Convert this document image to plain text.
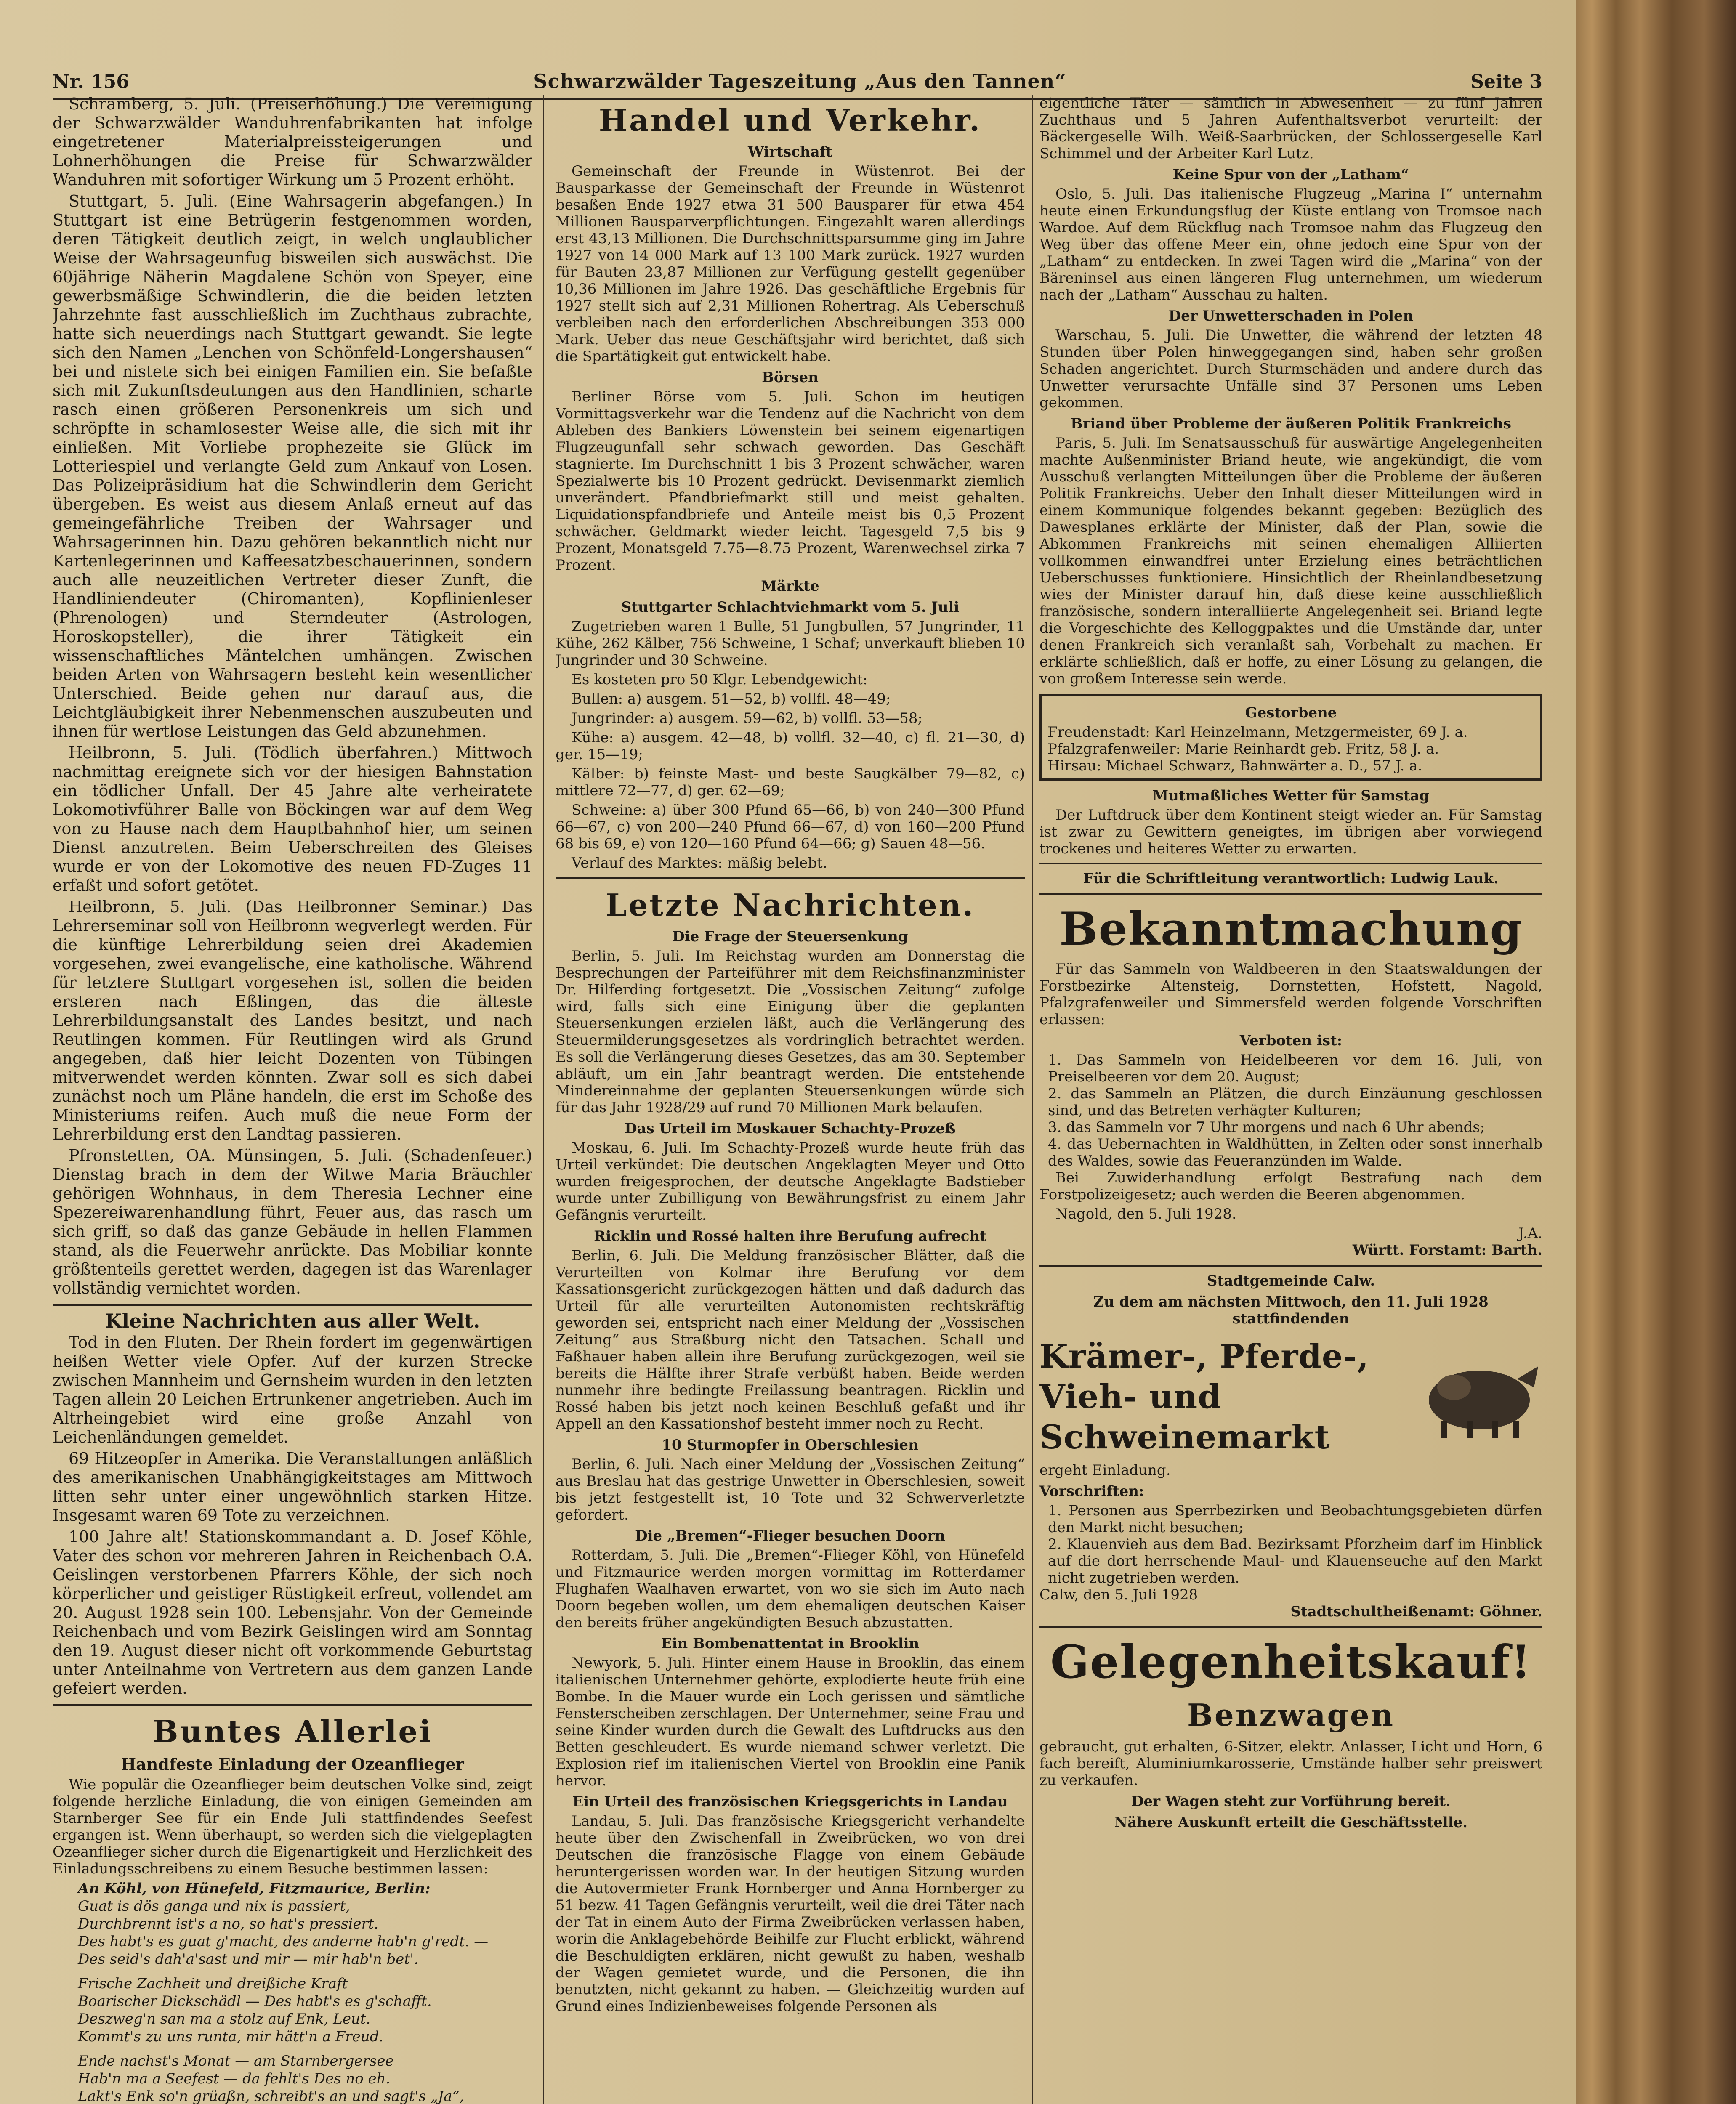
Nr. 156	Schwarzwälder Tageszeitung „Aus den Tannen“	Seite 3

Schramberg, 5. Juli. (Preiserhöhung.) Die Vereinigung der Schwarzwälder Wanduhrenfabrikanten hat infolge eingetretener Materialpreissteigerungen und Lohnerhöhungen die Preise für Schwarzwälder Wanduhren mit sofortiger Wirkung um 5 Prozent erhöht.

Stuttgart, 5. Juli. (Eine Wahrsagerin abgefangen.) In Stuttgart ist eine Betrügerin festgenommen worden, deren Tätigkeit deutlich zeigt, in welch unglaublicher Weise der Wahrsageunfug bisweilen sich auswächst. Die 60jährige Näherin Magdalene Schön von Speyer, eine gewerbsmäßige Schwindlerin, die die beiden letzten Jahrzehnte fast ausschließlich im Zuchthaus zubrachte, hatte sich neuerdings nach Stuttgart gewandt. Sie legte sich den Namen „Lenchen von Schönfeld-Longershausen“ bei und nistete sich bei einigen Familien ein. Sie befaßte sich mit Zukunftsdeutungen aus den Handlinien, scharte rasch einen größeren Personenkreis um sich und schröpfte in schamlosester Weise alle, die sich mit ihr einließen. Mit Vorliebe prophezeite sie Glück im Lotteriespiel und verlangte Geld zum Ankauf von Losen. Das Polizeipräsidium hat die Schwindlerin dem Gericht übergeben. Es weist aus diesem Anlaß erneut auf das gemeingefährliche Treiben der Wahrsager und Wahrsagerinnen hin. Dazu gehören bekanntlich nicht nur Kartenlegerinnen und Kaffeesatzbeschauerinnen, sondern auch alle neuzeitlichen Vertreter dieser Zunft, die Handliniendeuter (Chiromanten), Kopflinienleser (Phrenologen) und Sterndeuter (Astrologen, Horoskopsteller), die ihrer Tätigkeit ein wissenschaftliches Mäntelchen umhängen. Zwischen beiden Arten von Wahrsagern besteht kein wesentlicher Unterschied. Beide gehen nur darauf aus, die Leichtgläubigkeit ihrer Nebenmenschen auszubeuten und ihnen für wertlose Leistungen das Geld abzunehmen.

Heilbronn, 5. Juli. (Tödlich überfahren.) Mittwoch nachmittag ereignete sich vor der hiesigen Bahnstation ein tödlicher Unfall. Der 45 Jahre alte verheiratete Lokomotivführer Balle von Böckingen war auf dem Weg von zu Hause nach dem Hauptbahnhof hier, um seinen Dienst anzutreten. Beim Ueberschreiten des Gleises wurde er von der Lokomotive des neuen FD-Zuges 11 erfaßt und sofort getötet.

Heilbronn, 5. Juli. (Das Heilbronner Seminar.) Das Lehrerseminar soll von Heilbronn wegverlegt werden. Für die künftige Lehrerbildung seien drei Akademien vorgesehen, zwei evangelische, eine katholische. Während für letztere Stuttgart vorgesehen ist, sollen die beiden ersteren nach Eßlingen, das die älteste Lehrerbildungsanstalt des Landes besitzt, und nach Reutlingen kommen. Für Reutlingen wird als Grund angegeben, daß hier leicht Dozenten von Tübingen mitverwendet werden könnten. Zwar soll es sich dabei zunächst noch um Pläne handeln, die erst im Schoße des Ministeriums reifen. Auch muß die neue Form der Lehrerbildung erst den Landtag passieren.

Pfronstetten, OA. Münsingen, 5. Juli. (Schadenfeuer.) Dienstag brach in dem der Witwe Maria Bräuchler gehörigen Wohnhaus, in dem Theresia Lechner eine Spezereiwarenhandlung führt, Feuer aus, das rasch um sich griff, so daß das ganze Gebäude in hellen Flammen stand, als die Feuerwehr anrückte. Das Mobiliar konnte größtenteils gerettet werden, dagegen ist das Warenlager vollständig vernichtet worden.

Kleine Nachrichten aus aller Welt.

Tod in den Fluten. Der Rhein fordert im gegenwärtigen heißen Wetter viele Opfer. Auf der kurzen Strecke zwischen Mannheim und Gernsheim wurden in den letzten Tagen allein 20 Leichen Ertrunkener angetrieben. Auch im Altrheingebiet wird eine große Anzahl von Leichenländungen gemeldet.

69 Hitzeopfer in Amerika. Die Veranstaltungen anläßlich des amerikanischen Unabhängigkeitstages am Mittwoch litten sehr unter einer ungewöhnlich starken Hitze. Insgesamt waren 69 Tote zu verzeichnen.

100 Jahre alt! Stationskommandant a. D. Josef Köhle, Vater des schon vor mehreren Jahren in Reichenbach O.A. Geislingen verstorbenen Pfarrers Köhle, der sich noch körperlicher und geistiger Rüstigkeit erfreut, vollendet am 20. August 1928 sein 100. Lebensjahr. Von der Gemeinde Reichenbach und vom Bezirk Geislingen wird am Sonntag den 19. August dieser nicht oft vorkommende Geburtstag unter Anteilnahme von Vertretern aus dem ganzen Lande gefeiert werden.

Buntes Allerlei
Handfeste Einladung der Ozeanflieger

Wie populär die Ozeanflieger beim deutschen Volke sind, zeigt folgende herzliche Einladung, die von einigen Gemeinden am Starnberger See für ein Ende Juli stattfindendes Seefest ergangen ist. Wenn überhaupt, so werden sich die vielgeplagten Ozeanflieger sicher durch die Eigenartigkeit und Herzlichkeit des Einladungsschreibens zu einem Besuche bestimmen lassen:

An Köhl, von Hünefeld, Fitzmaurice, Berlin:
Guat is dös ganga und nix is passiert,
Durchbrennt ist's a no, so hat's pressiert.
Des habt's es guat g'macht, des anderne hab'n g'redt. —
Des seid's dah'a'sast und mir — mir hab'n bet'.
Frische Zachheit und dreißiche Kraft
Boarischer Dickschädl — Des habt's es g'schafft.
Deszweg'n san ma a stolz auf Enk, Leut.
Kommt's zu uns runta, mir hätt'n a Freud.
Ende nachst's Monat — am Starnbergersee
Hab'n ma a Seefest — da fehlt's Des no eh.
Lakt's Enk so'n grüaßn, schreibt's an und sagt's „Ja“,
Handel und Verkehr.
Wirtschaft

Gemeinschaft der Freunde in Wüstenrot. Bei der Bausparkasse der Gemeinschaft der Freunde in Wüstenrot besaßen Ende 1927 etwa 31 500 Bausparer für etwa 454 Millionen Bausparverpflichtungen. Eingezahlt waren allerdings erst 43,13 Millionen. Die Durchschnittsparsumme ging im Jahre 1927 von 14 000 Mark auf 13 100 Mark zurück. 1927 wurden für Bauten 23,87 Millionen zur Verfügung gestellt gegenüber 10,36 Millionen im Jahre 1926. Das geschäftliche Ergebnis für 1927 stellt sich auf 2,31 Millionen Rohertrag. Als Ueberschuß verbleiben nach den erforderlichen Abschreibungen 353 000 Mark. Ueber das neue Geschäftsjahr wird berichtet, daß sich die Spartätigkeit gut entwickelt habe.

Börsen

Berliner Börse vom 5. Juli. Schon im heutigen Vormittagsverkehr war die Tendenz auf die Nachricht von dem Ableben des Bankiers Löwenstein bei seinem eigenartigen Flugzeugunfall sehr schwach geworden. Das Geschäft stagnierte. Im Durchschnitt 1 bis 3 Prozent schwächer, waren Spezialwerte bis 10 Prozent gedrückt. Devisenmarkt ziemlich unverändert. Pfandbriefmarkt still und meist gehalten. Liquidationspfandbriefe und Anteile meist bis 0,5 Prozent schwächer. Geldmarkt wieder leicht. Tagesgeld 7,5 bis 9 Prozent, Monatsgeld 7.75—8.75 Prozent, Warenwechsel zirka 7 Prozent.

Märkte
Stuttgarter Schlachtviehmarkt vom 5. Juli

Zugetrieben waren 1 Bulle, 51 Jungbullen, 57 Jungrinder, 11 Kühe, 262 Kälber, 756 Schweine, 1 Schaf; unverkauft blieben 10 Jungrinder und 30 Schweine.

Es kosteten pro 50 Klgr. Lebendgewicht:

Bullen: a) ausgem. 51—52, b) vollfl. 48—49;

Jungrinder: a) ausgem. 59—62, b) vollfl. 53—58;

Kühe: a) ausgem. 42—48, b) vollfl. 32—40, c) fl. 21—30, d) ger. 15—19;

Kälber: b) feinste Mast- und beste Saugkälber 79—82, c) mittlere 72—77, d) ger. 62—69;

Schweine: a) über 300 Pfund 65—66, b) von 240—300 Pfund 66—67, c) von 200—240 Pfund 66—67, d) von 160—200 Pfund 68 bis 69, e) von 120—160 Pfund 64—66; g) Sauen 48—56.

Verlauf des Marktes: mäßig belebt.

Letzte Nachrichten.
Die Frage der Steuersenkung

Berlin, 5. Juli. Im Reichstag wurden am Donnerstag die Besprechungen der Parteiführer mit dem Reichsfinanzminister Dr. Hilferding fortgesetzt. Die „Vossischen Zeitung“ zufolge wird, falls sich eine Einigung über die geplanten Steuersenkungen erzielen läßt, auch die Verlängerung des Steuermilderungsgesetzes als vordringlich betrachtet werden. Es soll die Verlängerung dieses Gesetzes, das am 30. September abläuft, um ein Jahr beantragt werden. Die entstehende Mindereinnahme der geplanten Steuersenkungen würde sich für das Jahr 1928/29 auf rund 70 Millionen Mark belaufen.

Das Urteil im Moskauer Schachty-Prozeß

Moskau, 6. Juli. Im Schachty-Prozeß wurde heute früh das Urteil verkündet: Die deutschen Angeklagten Meyer und Otto wurden freigesprochen, der deutsche Angeklagte Badstieber wurde unter Zubilligung von Bewährungsfrist zu einem Jahr Gefängnis verurteilt.

Ricklin und Rossé halten ihre Berufung aufrecht

Berlin, 6. Juli. Die Meldung französischer Blätter, daß die Verurteilten von Kolmar ihre Berufung vor dem Kassationsgericht zurückgezogen hätten und daß dadurch das Urteil für alle verurteilten Autonomisten rechtskräftig geworden sei, entspricht nach einer Meldung der „Vossischen Zeitung“ aus Straßburg nicht den Tatsachen. Schall und Faßhauer haben allein ihre Berufung zurückgezogen, weil sie bereits die Hälfte ihrer Strafe verbüßt haben. Beide werden nunmehr ihre bedingte Freilassung beantragen. Ricklin und Rossé haben bis jetzt noch keinen Beschluß gefaßt und ihr Appell an den Kassationshof besteht immer noch zu Recht.

10 Sturmopfer in Oberschlesien

Berlin, 6. Juli. Nach einer Meldung der „Vossischen Zeitung“ aus Breslau hat das gestrige Unwetter in Oberschlesien, soweit bis jetzt festgestellt ist, 10 Tote und 32 Schwerverletzte gefordert.

Die „Bremen“-Flieger besuchen Doorn

Rotterdam, 5. Juli. Die „Bremen“-Flieger Köhl, von Hünefeld und Fitzmaurice werden morgen vormittag im Rotterdamer Flughafen Waalhaven erwartet, von wo sie sich im Auto nach Doorn begeben wollen, um dem ehemaligen deutschen Kaiser den bereits früher angekündigten Besuch abzustatten.

Ein Bombenattentat in Brooklin

Newyork, 5. Juli. Hinter einem Hause in Brooklin, das einem italienischen Unternehmer gehörte, explodierte heute früh eine Bombe. In die Mauer wurde ein Loch gerissen und sämtliche Fensterscheiben zerschlagen. Der Unternehmer, seine Frau und seine Kinder wurden durch die Gewalt des Luftdrucks aus den Betten geschleudert. Es wurde niemand schwer verletzt. Die Explosion rief im italienischen Viertel von Brooklin eine Panik hervor.

Ein Urteil des französischen Kriegsgerichts in Landau

Landau, 5. Juli. Das französische Kriegsgericht verhandelte heute über den Zwischenfall in Zweibrücken, wo von drei Deutschen die französische Flagge von einem Gebäude heruntergerissen worden war. In der heutigen Sitzung wurden die Autovermieter Frank Hornberger und Anna Hornberger zu 51 bezw. 41 Tagen Gefängnis verurteilt, weil die drei Täter nach der Tat in einem Auto der Firma Zweibrücken verlassen haben, worin die Anklagebehörde Beihilfe zur Flucht erblickt, während die Beschuldigten erklären, nicht gewußt zu haben, weshalb der Wagen gemietet wurde, und die Personen, die ihn benutzten, nicht gekannt zu haben. — Gleichzeitig wurden auf Grund eines Indizienbeweises folgende Personen als

eigentliche Täter — sämtlich in Abwesenheit — zu fünf Jahren Zuchthaus und 5 Jahren Aufenthaltsverbot verurteilt: der Bäckergeselle Wilh. Weiß-Saarbrücken, der Schlossergeselle Karl Schimmel und der Arbeiter Karl Lutz.

Keine Spur von der „Latham“

Oslo, 5. Juli. Das italienische Flugzeug „Marina I“ unternahm heute einen Erkundungsflug der Küste entlang von Tromsoe nach Wardoe. Auf dem Rückflug nach Tromsoe nahm das Flugzeug den Weg über das offene Meer ein, ohne jedoch eine Spur von der „Latham“ zu entdecken. In zwei Tagen wird die „Marina“ von der Bäreninsel aus einen längeren Flug unternehmen, um wiederum nach der „Latham“ Ausschau zu halten.

Der Unwetterschaden in Polen

Warschau, 5. Juli. Die Unwetter, die während der letzten 48 Stunden über Polen hinweggegangen sind, haben sehr großen Schaden angerichtet. Durch Sturmschäden und andere durch das Unwetter verursachte Unfälle sind 37 Personen ums Leben gekommen.

Briand über Probleme der äußeren Politik Frankreichs

Paris, 5. Juli. Im Senatsausschuß für auswärtige Angelegenheiten machte Außenminister Briand heute, wie angekündigt, die vom Ausschuß verlangten Mitteilungen über die Probleme der äußeren Politik Frankreichs. Ueber den Inhalt dieser Mitteilungen wird in einem Kommunique folgendes bekannt gegeben: Bezüglich des Dawesplanes erklärte der Minister, daß der Plan, sowie die Abkommen Frankreichs mit seinen ehemaligen Alliierten vollkommen einwandfrei unter Erzielung eines beträchtlichen Ueberschusses funktioniere. Hinsichtlich der Rheinlandbesetzung wies der Minister darauf hin, daß diese keine ausschließlich französische, sondern interalliierte Angelegenheit sei. Briand legte die Vorgeschichte des Kelloggpaktes und die Umstände dar, unter denen Frankreich sich veranlaßt sah, Vorbehalt zu machen. Er erklärte schließlich, daß er hoffe, zu einer Lösung zu gelangen, die von großem Interesse sein werde.

Gestorbene
Freudenstadt: Karl Heinzelmann, Metzgermeister, 69 J. a.
Pfalzgrafenweiler: Marie Reinhardt geb. Fritz, 58 J. a.
Hirsau: Michael Schwarz, Bahnwärter a. D., 57 J. a.
Mutmaßliches Wetter für Samstag

Der Luftdruck über dem Kontinent steigt wieder an. Für Samstag ist zwar zu Gewittern geneigtes, im übrigen aber vorwiegend trockenes und heiteres Wetter zu erwarten.

Für die Schriftleitung verantwortlich: Ludwig Lauk.
Bekanntmachung

Für das Sammeln von Waldbeeren in den Staatswaldungen der Forstbezirke Altensteig, Dornstetten, Hofstett, Nagold, Pfalzgrafenweiler und Simmersfeld werden folgende Vorschriften erlassen:

Verboten ist:
1. Das Sammeln von Heidelbeeren vor dem 16. Juli, von Preiselbeeren vor dem 20. August;
2. das Sammeln an Plätzen, die durch Einzäunung geschlossen sind, und das Betreten verhägter Kulturen;
3. das Sammeln vor 7 Uhr morgens und nach 6 Uhr abends;
4. das Uebernachten in Waldhütten, in Zelten oder sonst innerhalb des Waldes, sowie das Feueranzünden im Walde.

Bei Zuwiderhandlung erfolgt Bestrafung nach dem Forstpolizeigesetz; auch werden die Beeren abgenommen.

Nagold, den 5. Juli 1928.

J.A.
Württ. Forstamt: Barth.
Stadtgemeinde Calw.
Zu dem am nächsten Mittwoch, den 11. Juli 1928 stattfindenden
Krämer-, Pferde-, Vieh- und Schweinemarkt
ergeht Einladung.
Vorschriften:
1. Personen aus Sperrbezirken und Beobachtungsgebieten dürfen den Markt nicht besuchen;
2. Klauenvieh aus dem Bad. Bezirksamt Pforzheim darf im Hinblick auf die dort herrschende Maul- und Klauenseuche auf den Markt nicht zugetrieben werden.
Calw, den 5. Juli 1928
Stadtschultheißenamt: Göhner.
Gelegenheitskauf!
Benzwagen
gebraucht, gut erhalten, 6-Sitzer, elektr. Anlasser, Licht und Horn, 6 fach bereift, Aluminiumkarosserie, Umstände halber sehr preiswert zu verkaufen.
Der Wagen steht zur Vorführung bereit.
Nähere Auskunft erteilt die Geschäftsstelle.
